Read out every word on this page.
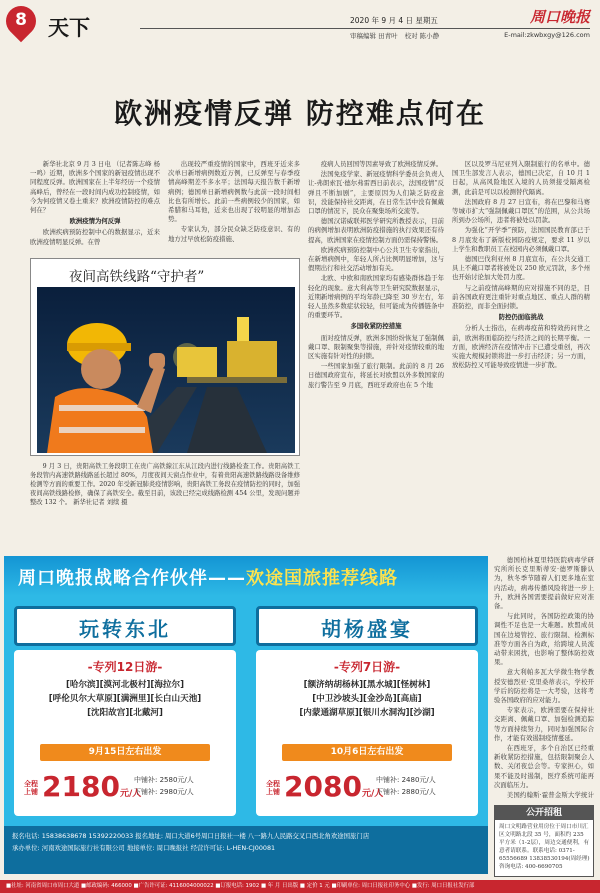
8	天下	2020 年 9 月 4 日 星期五	周口晚报
审稿编辑 田青叶 校对 陈小静	E-mail:zkwbxgy@126.com
欧洲疫情反弹 防控难点何在

新华社北京 9 月 3 日电 （记者陈志峰 杨一鸣）近期，欧洲多个国家的新冠疫情出现不同程度反弹。欧洲国家在上半年经历一个疫情高峰后，曾经在一段时间内成功控制疫情，如今为何疫情又卷土重来？欧洲疫情防控的难点何在？

欧洲疫情为何反弹

欧洲疾病预防控制中心的数据显示，近来欧洲疫情明显反弹。在曾

出现较严重疫情的国家中，西班牙近来多次单日新增病例数近万例，已反弹至与春季疫情高峰期差不多水平；法国每天报告数千新增病例；德国单日新增病例数与此前一段时间相比也有所增长。此前一些病例较少的国家，如希腊和马耳他，近来也出现了较明显的增加态势。

专家认为，部分民众缺乏防疫意识、有的地方过早放松防疫措施、

夜间高铁线路“守护者”
9 月 3 日，贵阳高铁工务段职工在贵广高铁線江东从江段内进行线路检查工作。贵阳高铁工务段管内高速铁路线路延长超过 80%，月度夜间天窗点作业中，有着贵阳高速铁路线路设备维修检测等方面的重要工作。2020 年受新冠肺炎疫情影响，贵阳高铁工务段在疫情防控的同时，加强夜间高铁线路检修，确保了高铁安全。截至目前，该段已经完成线路检测 454 公里，发现问题并整改 132 个。 新华社记者 刘续 摄

疫病人员回国等因素导致了欧洲疫情反弹。

法国免疫学家、新冠疫情科学委员会负责人让-弗朗索瓦·德尔弗雷西日前表示，法国疫情“反弹且不断加剧”，主要原因为人们缺乏防疫意识，没能保持社交距离，在日常生活中没有佩戴口罩的情况下，民众在聚集场所交流等。

德国汉诺威联邦医学研究所教授表示，目前的病例增加表明欧洲防疫措施的执行效果还有待提高，欧洲国家在疫情控制方面仍需保持警惕。

欧洲疾病预防控制中心公共卫生专家指出，在新增病例中，年轻人所占比例明显增加，这与假期出行和社交活动增加有关。

北欧、中欧和南欧国家均有感染群体趋于年轻化的现象。意大利高等卫生研究院数据显示，近期新增病例的平均年龄已降至 30 岁左右，年轻人虽然多数症状较轻，但可能成为传播链条中的重要环节。

多国收紧防控措施

面对疫情反弹，欧洲多国纷纷恢复了强制佩戴口罩、限制聚集等措施，并针对疫情较重的地区实施有针对性的封锁。

一些国家加强了旅行限制。此前的 8 月 26 日德国政府宣布，将延长对欧盟以外多数国家的旅行警告至 9 月底，西班牙政府也在 5 个地

区以及罗马尼亚列入限制旅行的名单中。德国卫生部发言人表示，德国已决定，自 10 月 1 日起，从高风险地区入境的人员须接受隔离检测，此前是可以以检测替代隔离。

法国政府 8 月 27 日宣布，将在巴黎和马赛等城市扩大“强制佩戴口罩区”的范围，从公共场所到办公场所，违者将被处以罚款。

为强化“开学季”预防，法国国民教育部已于 8 月底发布了新版校园防疫规定，要求 11 岁以上学生和教职员工在校园内必须佩戴口罩。

德国巴伐利亚州 8 月底宣布，在公共交通工具上不戴口罩者将被处以 250 欧元罚款，多个州也开始讨论加大处罚力度。

与之前疫情高峰期的应对措施不同的是，目前各国政府更注重针对重点地区、重点人群的精准防控，而非全面封锁。

防控仍面临挑战

分析人士指出，在病毒疫苗和特效药问世之前，欧洲将面临防控与经济之间的长期平衡。一方面，欧洲经济在疫情冲击下已遭受重创，再次实施大规模封锁将进一步打击经济；另一方面，放松防控又可能导致疫情进一步扩散。

德国柏林夏里特医院病毒学研究所所长克里斯蒂安·德罗斯滕认为，秋冬季节随着人们更多地在室内活动，病毒传播风险将进一步上升，欧洲各国需要提前做好应对准备。

与此同时，各国防控政策的协调性不足也是一大难题。欧盟成员国在边境管控、旅行限制、检测标准等方面各自为政，给跨境人员流动带来困扰，也影响了整体防控效果。

意大利帕多瓦大学微生物学教授安德烈亚·克里桑蒂表示，学校开学后的防控将是一大考验，这将考验各国政府的应对能力。

专家表示，欧洲需要在保持社交距离、佩戴口罩、加强检测追踪等方面持续努力，同时加强国际合作，才能有效遏制疫情蔓延。

在西班牙，多个自治区已经重新收紧防控措施，包括限制聚会人数、关闭夜总会等。专家担心，如果不能及时遏制，医疗系统可能再次面临压力。

美国约翰斯·霍普金斯大学统计

周口晚报战略合作伙伴——欢途国旅推荐线路
玩转东北
-专列12日游-
[哈尔滨][漠河北极村][海拉尔]
[呼伦贝尔大草原][满洲里][长白山天池]
[沈阳故宫][北戴河]
9月15日左右出发
全程上铺 2180元/人
中铺补: 2580元/人
下铺补: 2980元/人
胡杨盛宴
-专列7日游-
[额济纳胡杨林][黑水城][怪树林]
[中卫沙坡头][金沙岛][高庙]
[内蒙通湖草原][银川水洞沟][沙湖]
10月6日左右出发
全程上铺 2080元/人
中铺补: 2480元/人
下铺补: 2880元/人
报名电话: 15838638678 15392220033 报名地址: 周口大道6号周口日报社一楼 八一路九人民路交叉口西北角欢途国旅门店
承办单位: 河南欢途国际旅行社有限公司 地接单位: 周口晚报社 经营许可证: L-HEN-CJ00081
公开招租
周口文明路营业用房位于周口市川汇区文明路北段 35 号，面积约 235 平方米（1-2层），周边交通便利，有意者请联系。联系电话: 0371-65556689 13838530194(周经理) 咨询电话: 400-6690705
■社址: 河南省周口市周口大道 ■邮政编码: 466000 ■广告许可证: 4116004000022 ■订报电话: 1902 ■ 年 月 日出版 ■ 定价 1 元 ■印刷单位: 周口日报社印务中心 ■发行: 周口日报社发行部
